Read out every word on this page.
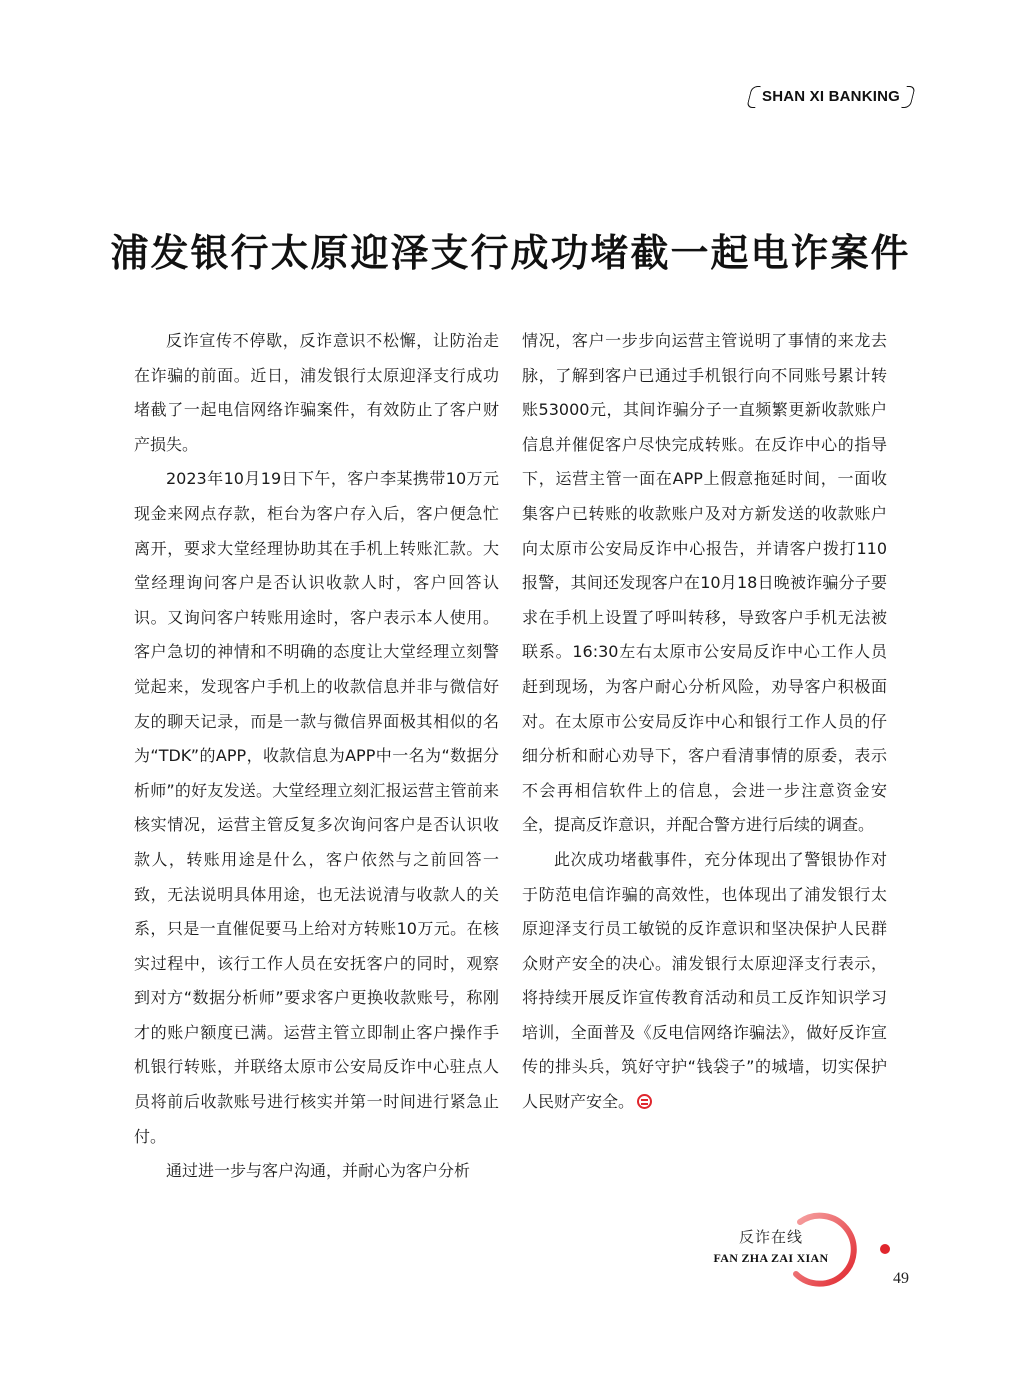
SHAN XI BANKING
浦发银行太原迎泽支行成功堵截一起电诈案件

反诈宣传不停歇，反诈意识不松懈，让防治走在诈骗的前面。近日，浦发银行太原迎泽支行成功堵截了一起电信网络诈骗案件，有效防止了客户财产损失。

2023年10月19日下午，客户李某携带10万元现金来网点存款，柜台为客户存入后，客户便急忙离开，要求大堂经理协助其在手机上转账汇款。大堂经理询问客户是否认识收款人时，客户回答认识。又询问客户转账用途时，客户表示本人使用。客户急切的神情和不明确的态度让大堂经理立刻警觉起来，发现客户手机上的收款信息并非与微信好友的聊天记录，而是一款与微信界面极其相似的名为“TDK”的APP，收款信息为APP中一名为“数据分析师”的好友发送。大堂经理立刻汇报运营主管前来核实情况，运营主管反复多次询问客户是否认识收款人，转账用途是什么，客户依然与之前回答一致，无法说明具体用途，也无法说清与收款人的关系，只是一直催促要马上给对方转账10万元。在核实过程中，该行工作人员在安抚客户的同时，观察到对方“数据分析师”要求客户更换收款账号，称刚才的账户额度已满。运营主管立即制止客户操作手机银行转账，并联络太原市公安局反诈中心驻点人员将前后收款账号进行核实并第一时间进行紧急止付。

通过进一步与客户沟通，并耐心为客户分析

情况，客户一步步向运营主管说明了事情的来龙去脉，了解到客户已通过手机银行向不同账号累计转账53000元，其间诈骗分子一直频繁更新收款账户信息并催促客户尽快完成转账。在反诈中心的指导下，运营主管一面在APP上假意拖延时间，一面收集客户已转账的收款账户及对方新发送的收款账户向太原市公安局反诈中心报告，并请客户拨打110报警，其间还发现客户在10月18日晚被诈骗分子要求在手机上设置了呼叫转移，导致客户手机无法被联系。16:30左右太原市公安局反诈中心工作人员赶到现场，为客户耐心分析风险，劝导客户积极面对。在太原市公安局反诈中心和银行工作人员的仔细分析和耐心劝导下，客户看清事情的原委，表示不会再相信软件上的信息，会进一步注意资金安全，提高反诈意识，并配合警方进行后续的调查。

此次成功堵截事件，充分体现出了警银协作对于防范电信诈骗的高效性，也体现出了浦发银行太原迎泽支行员工敏锐的反诈意识和坚决保护人民群众财产安全的决心。浦发银行太原迎泽支行表示，将持续开展反诈宣传教育活动和员工反诈知识学习培训，全面普及《反电信网络诈骗法》，做好反诈宣传的排头兵，筑好守护“钱袋子”的城墙，切实保护人民财产安全。

反诈在线
FAN ZHA ZAI XIAN
49
